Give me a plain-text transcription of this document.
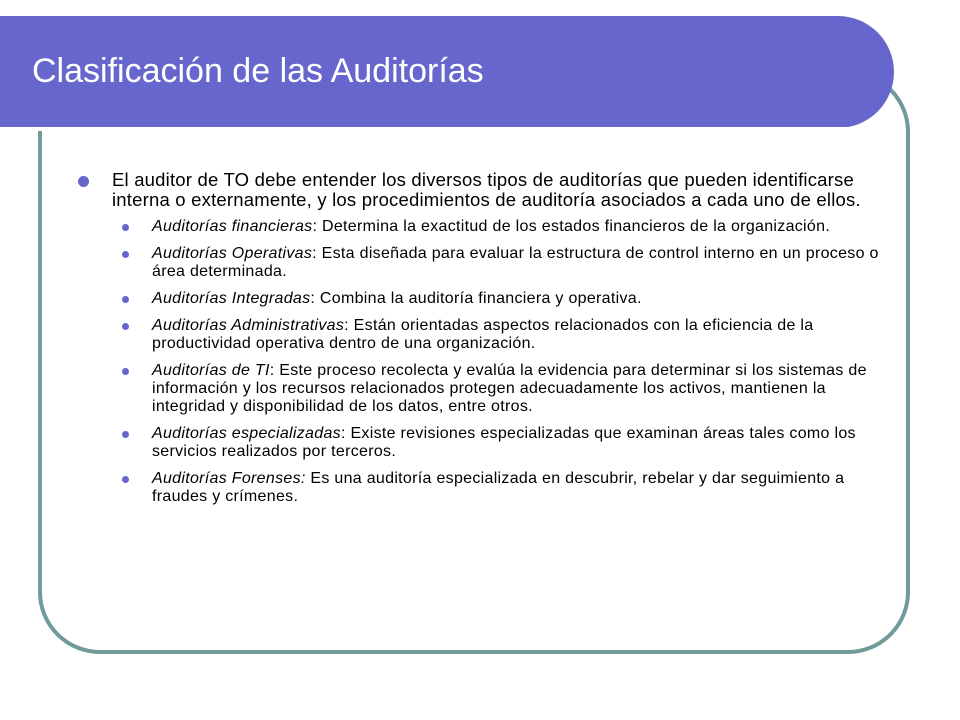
Clasificación de las Auditorías
El auditor de TO debe entender los diversos tipos de auditorías que pueden identificarse interna o externamente, y los procedimientos de auditoría asociados a cada uno de ellos.
Auditorías financieras: Determina la exactitud de los estados financieros de la organización.
Auditorías Operativas: Esta diseñada para evaluar la estructura de control interno en un proceso o área determinada.
Auditorías Integradas: Combina la auditoría financiera y operativa.
Auditorías Administrativas: Están orientadas aspectos relacionados con la eficiencia de la productividad operativa dentro de una organización.
Auditorías de TI: Este proceso recolecta y evalúa la evidencia para determinar si los sistemas de información y los recursos relacionados protegen adecuadamente los activos, mantienen la integridad y disponibilidad de los datos, entre otros.
Auditorías especializadas: Existe revisiones especializadas que examinan áreas tales como los servicios realizados por terceros.
Auditorías Forenses: Es una auditoría especializada en descubrir, rebelar y dar seguimiento a fraudes y crímenes.
